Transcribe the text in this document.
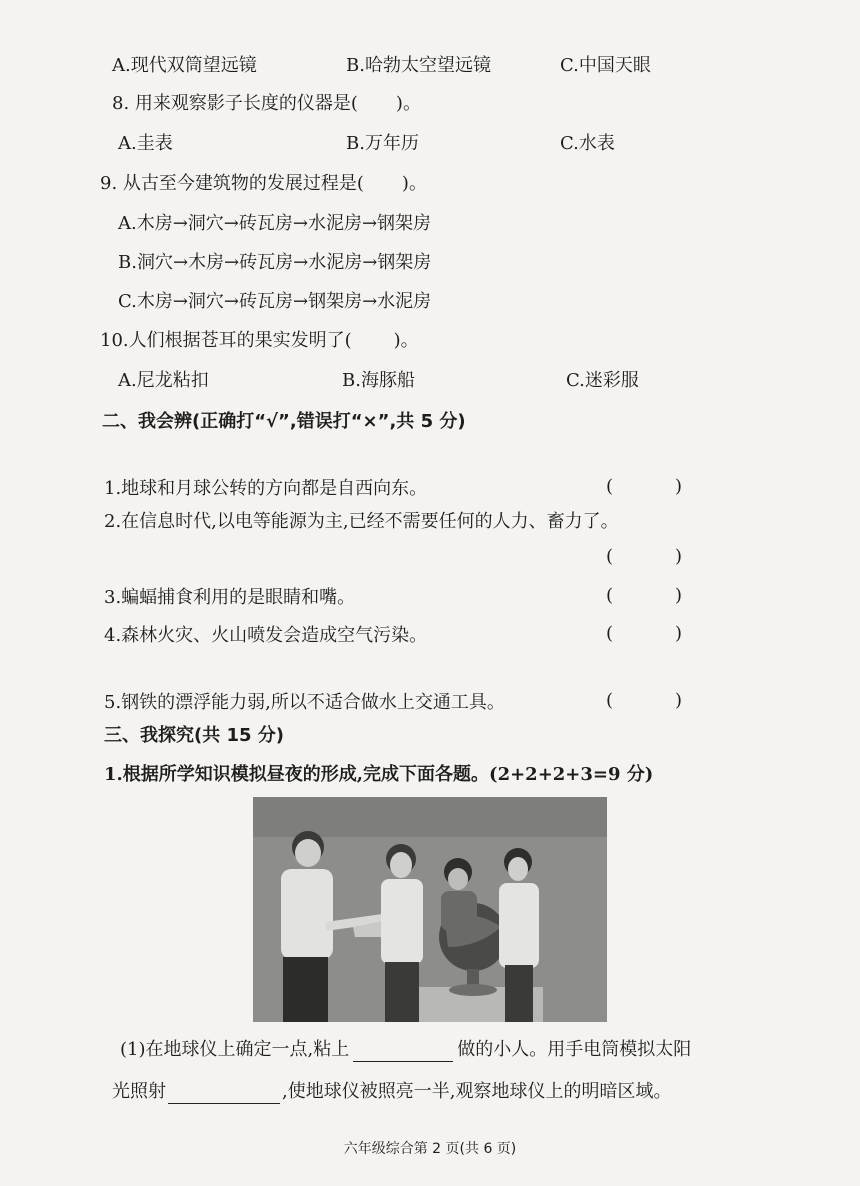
A.现代双筒望远镜	B.哈勃太空望远镜	C.中国天眼
8. 用来观察影子长度的仪器是( )。
A.圭表	B.万年历	C.水表
9. 从古至今建筑物的发展过程是( )。
A.木房→洞穴→砖瓦房→水泥房→钢架房
B.洞穴→木房→砖瓦房→水泥房→钢架房
C.木房→洞穴→砖瓦房→钢架房→水泥房
10.人们根据苍耳的果实发明了( )。
A.尼龙粘扣	B.海豚船	C.迷彩服
二、我会辨(正确打“√”,错误打“×”,共 5 分)
1.地球和月球公转的方向都是自西向东。	(	)
2.在信息时代,以电等能源为主,已经不需要任何的人力、畜力了。
(	)
3.蝙蝠捕食利用的是眼睛和嘴。	(	)
4.森林火灾、火山喷发会造成空气污染。	(	)
5.钢铁的漂浮能力弱,所以不适合做水上交通工具。	(	)
三、我探究(共 15 分)
1.根据所学知识模拟昼夜的形成,完成下面各题。(2+2+2+3=9 分)
(1)在地球仪上确定一点,粘上	做的小人。用手电筒模拟太阳
光照射	,使地球仪被照亮一半,观察地球仪上的明暗区域。
六年级综合第 2 页(共 6 页)
